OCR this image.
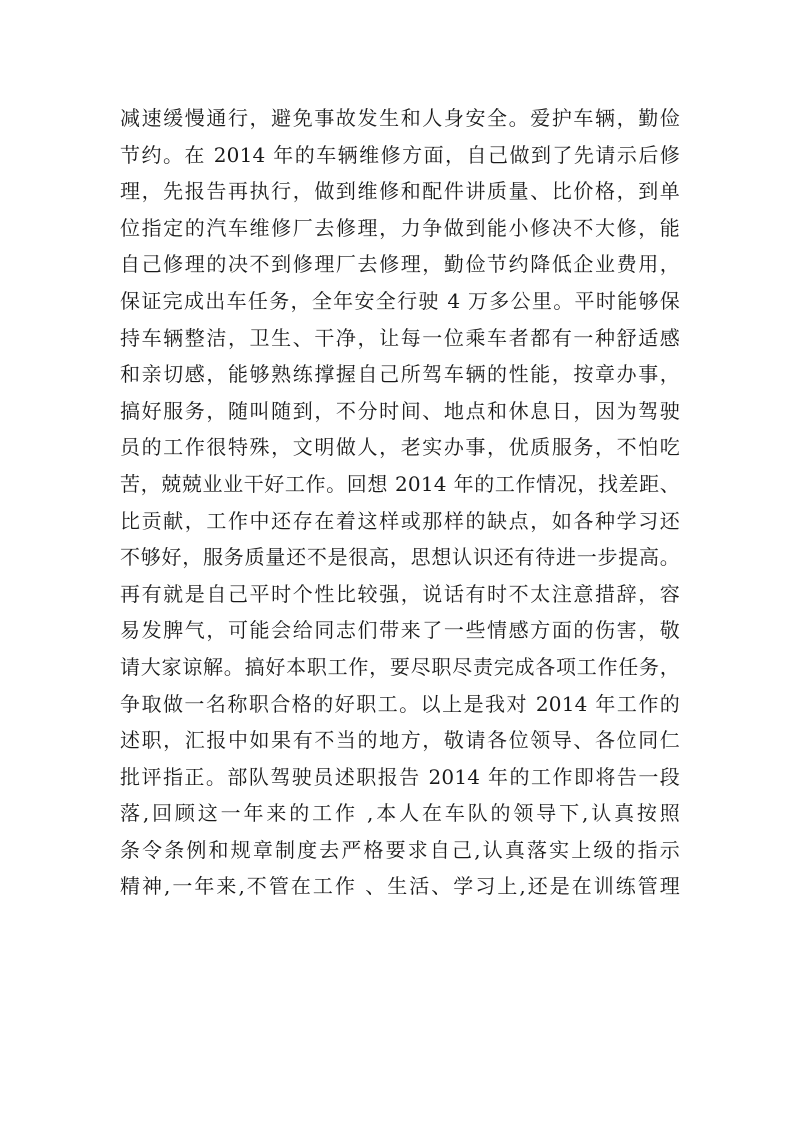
减速缓慢通行，避免事故发生和人身安全。爱护车辆，勤俭
节约。在 2014 年的车辆维修方面，自己做到了先请示后修
理，先报告再执行，做到维修和配件讲质量、比价格，到单
位指定的汽车维修厂去修理，力争做到能小修决不大修，能
自己修理的决不到修理厂去修理，勤俭节约降低企业费用，
保证完成出车任务，全年安全行驶 4 万多公里。平时能够保
持车辆整洁，卫生、干净，让每一位乘车者都有一种舒适感
和亲切感，能够熟练撑握自己所驾车辆的性能，按章办事，
搞好服务，随叫随到，不分时间、地点和休息日，因为驾驶
员的工作很特殊，文明做人，老实办事，优质服务，不怕吃
苦，兢兢业业干好工作。回想 2014 年的工作情况，找差距、
比贡献，工作中还存在着这样或那样的缺点，如各种学习还
不够好，服务质量还不是很高，思想认识还有待进一步提高。
再有就是自己平时个性比较强，说话有时不太注意措辞，容
易发脾气，可能会给同志们带来了一些情感方面的伤害，敬
请大家谅解。搞好本职工作，要尽职尽责完成各项工作任务，
争取做一名称职合格的好职工。以上是我对 2014 年工作的
述职，汇报中如果有不当的地方，敬请各位领导、各位同仁
批评指正。部队驾驶员述职报告 2014 年的工作即将告一段
落,回顾这一年来的工作 ,本人在车队的领导下,认真按照
条令条例和规章制度去严格要求自己,认真落实上级的指示
精神,一年来,不管在工作 、生活、学习上,还是在训练管理
